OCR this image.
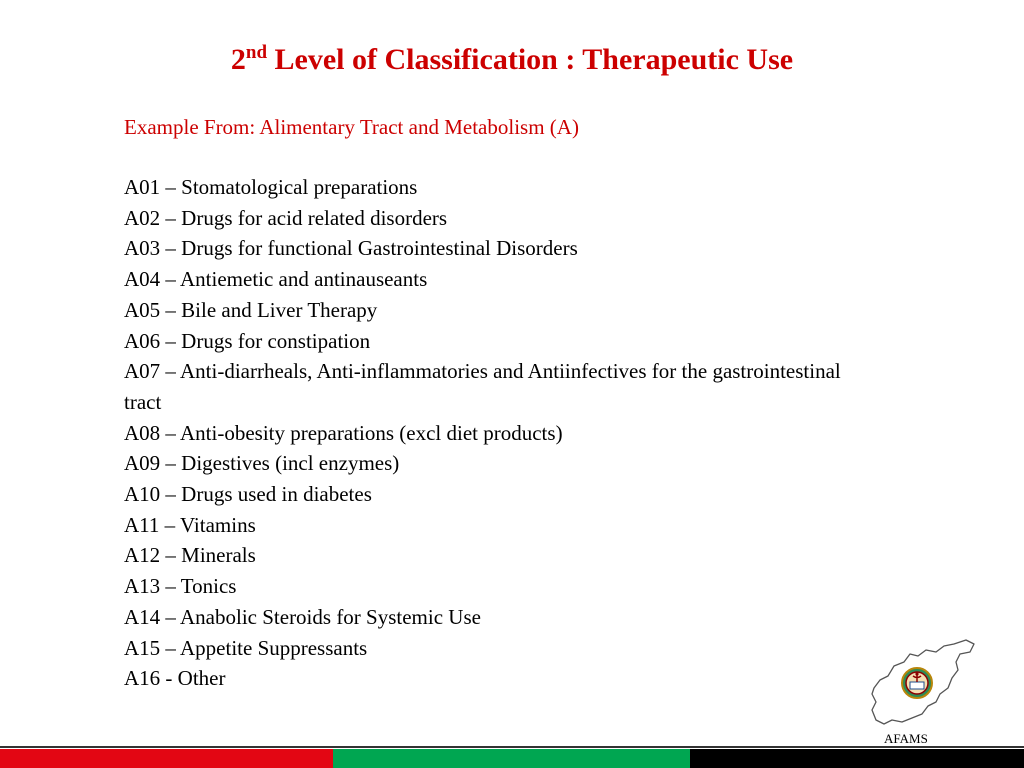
2nd Level of Classification : Therapeutic Use
Example From: Alimentary Tract and Metabolism (A)
A01 – Stomatological preparations
A02 – Drugs for acid related disorders
A03 – Drugs for functional Gastrointestinal Disorders
A04 – Antiemetic and antinauseants
A05 – Bile and Liver Therapy
A06 – Drugs for constipation
A07 – Anti-diarrheals, Anti-inflammatories and Antiinfectives for the gastrointestinal tract
A08 – Anti-obesity preparations (excl diet products)
A09 – Digestives (incl enzymes)
A10 – Drugs used in diabetes
A11 – Vitamins
A12 – Minerals
A13 – Tonics
A14 – Anabolic Steroids for Systemic Use
A15 – Appetite Suppressants
A16 - Other
AFAMS
